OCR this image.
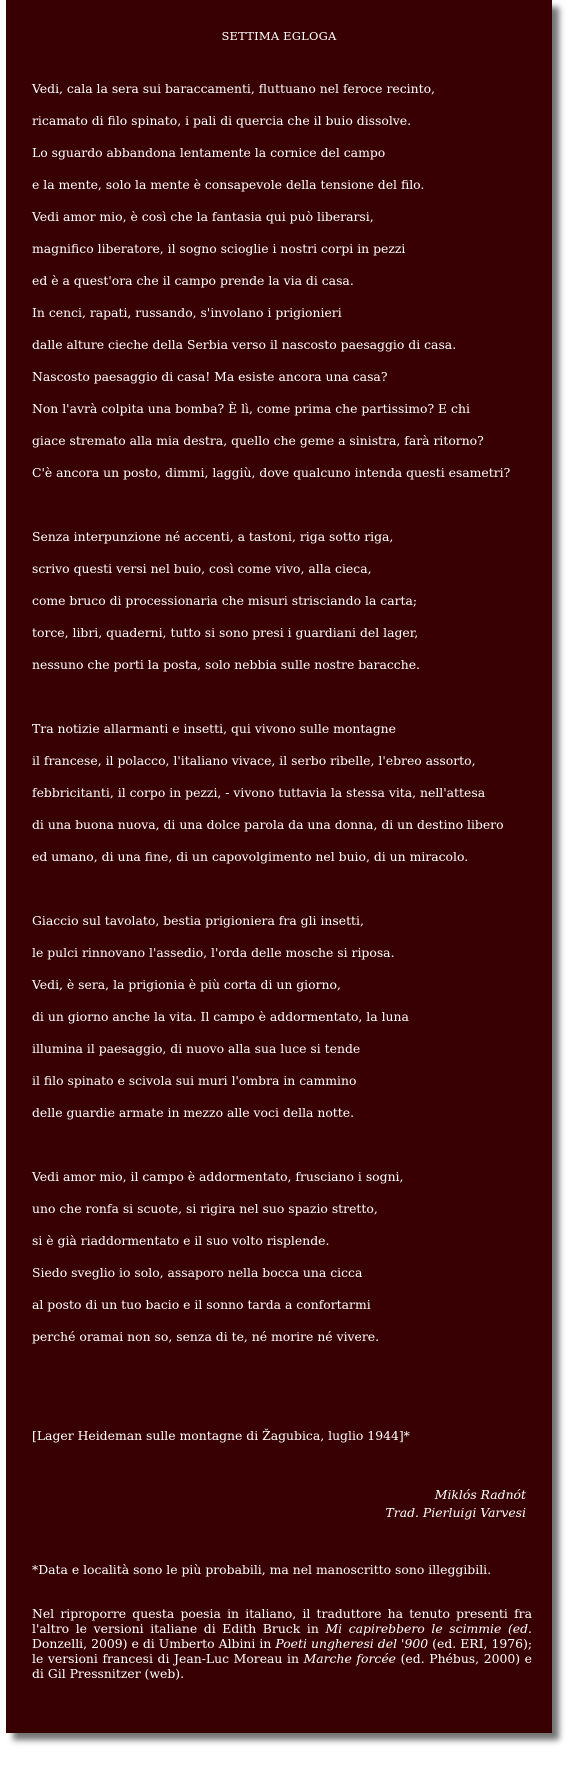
SETTIMA EGLOGA
Vedi, cala la sera sui baraccamenti, fluttuano nel feroce recinto,
ricamato di filo spinato, i pali di quercia che il buio dissolve.
Lo sguardo abbandona lentamente la cornice del campo
e la mente, solo la mente è consapevole della tensione del filo.
Vedi amor mio, è così che la fantasia qui può liberarsi,
magnifico liberatore, il sogno scioglie i nostri corpi in pezzi
ed è a quest'ora che il campo prende la via di casa.
In cenci, rapati, russando, s'involano i prigionieri
dalle alture cieche della Serbia verso il nascosto paesaggio di casa.
Nascosto paesaggio di casa! Ma esiste ancora una casa?
Non l'avrà colpita una bomba? È lì, come prima che partissimo? E chi
giace stremato alla mia destra, quello che geme a sinistra, farà ritorno?
C'è ancora un posto, dimmi, laggiù, dove qualcuno intenda questi esametri?
Senza interpunzione né accenti, a tastoni, riga sotto riga,
scrivo questi versi nel buio, così come vivo, alla cieca,
come bruco di processionaria che misuri strisciando la carta;
torce, libri, quaderni, tutto si sono presi i guardiani del lager,
nessuno che porti la posta, solo nebbia sulle nostre baracche.
Tra notizie allarmanti e insetti, qui vivono sulle montagne
il francese, il polacco, l'italiano vivace, il serbo ribelle, l'ebreo assorto,
febbricitanti, il corpo in pezzi, - vivono tuttavia la stessa vita, nell'attesa
di una buona nuova, di una dolce parola da una donna, di un destino libero
ed umano, di una fine, di un capovolgimento nel buio, di un miracolo.
Giaccio sul tavolato, bestia prigioniera fra gli insetti,
le pulci rinnovano l'assedio, l'orda delle mosche si riposa.
Vedi, è sera, la prigionia è più corta di un giorno,
di un giorno anche la vita. Il campo è addormentato, la luna
illumina il paesaggio, di nuovo alla sua luce si tende
il filo spinato e scivola sui muri l'ombra in cammino
delle guardie armate in mezzo alle voci della notte.
Vedi amor mio, il campo è addormentato, frusciano i sogni,
uno che ronfa si scuote, si rigira nel suo spazio stretto,
si è già riaddormentato e il suo volto risplende.
Siedo sveglio io solo, assaporo nella bocca una cicca
al posto di un tuo bacio e il sonno tarda a confortarmi
perché oramai non so, senza di te, né morire né vivere.
[Lager Heideman sulle montagne di Žagubica, luglio 1944]*
Miklós Radnót
Trad. Pierluigi Varvesi
*Data e località sono le più probabili, ma nel manoscritto sono illeggibili.
Nel riproporre questa poesia in italiano, il traduttore ha tenuto presenti fra l'altro le versioni italiane di Edith Bruck in Mi capirebbero le scimmie (ed. Donzelli, 2009) e di Umberto Albini in Poeti ungheresi del '900 (ed. ERI, 1976); le versioni francesi di Jean-Luc Moreau in Marche forcée (ed. Phébus, 2000) e di Gil Pressnitzer (web).
